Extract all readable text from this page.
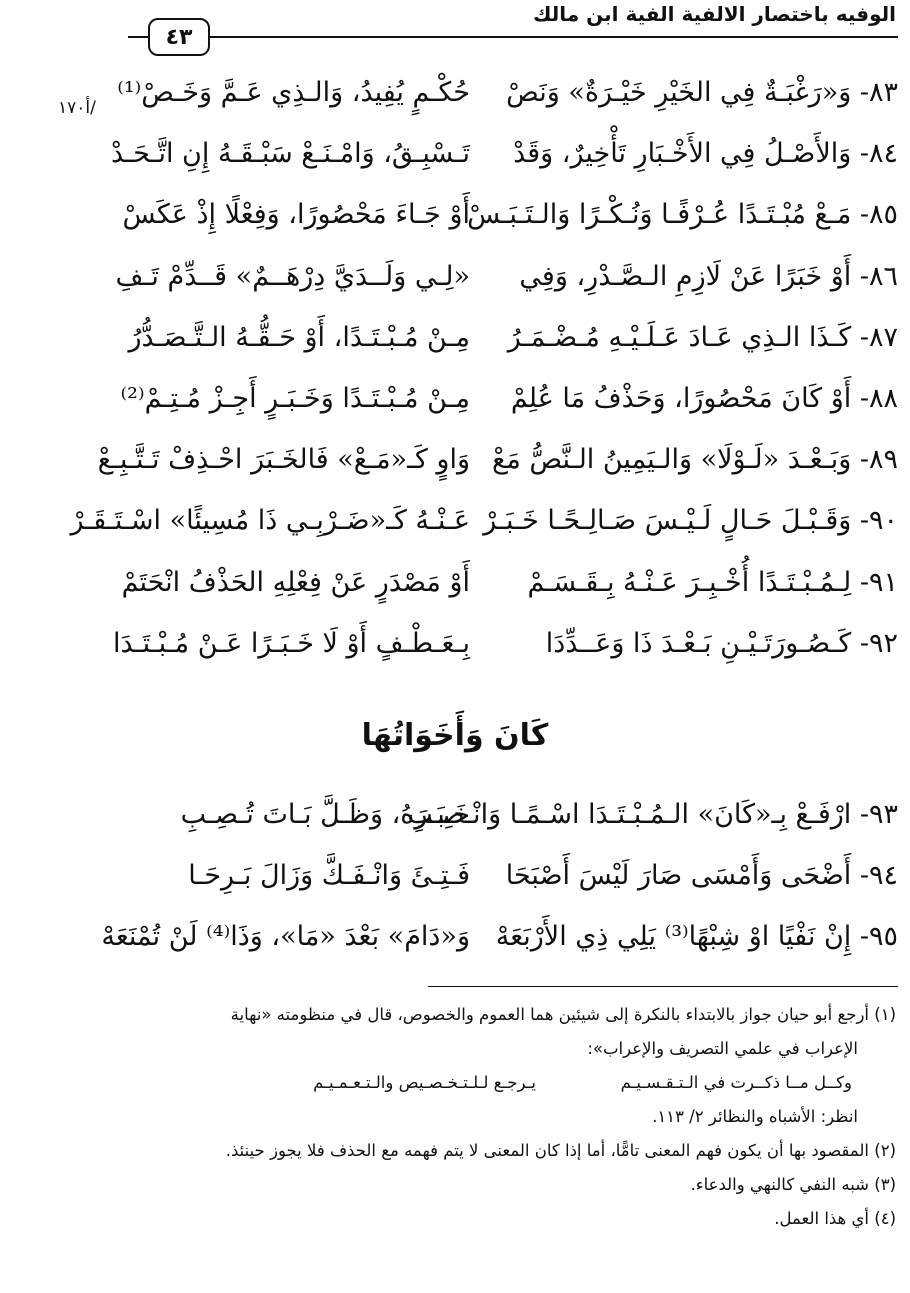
الوفيه باختصار الالفية الفية ابن مالك
٤٣
/أ١٧٠	٨٣- وَ«رَغْبَـةٌ فِي الخَيْرِ خَيْـرَةٌ» وَنَصْ
حُكْـمٍ يُفِيدُ، وَالـذِي عَـمَّ وَخَـصْ⁽¹⁾
٨٤- وَالأَصْـلُ فِي الأَخْـبَارِ تَأْخِيرٌ، وَقَدْ
تَـسْبِـقُ، وَامْـنَـعْ سَبْـقَـهُ إِنِ اتَّـحَـدْ
٨٥- مَـعْ مُبْـتَـدًا عُـرْفًـا وَنُـكْـرًا وَالـتَـبَـسْ
أَوْ جَـاءَ مَحْصُورًا، وَفِعْلًا إِذْ عَكَسْ
٨٦- أَوْ خَبَرًا عَنْ لَازِمِ الـصَّـدْرِ، وَفِي
«لِـي وَلَــدَيَّ دِرْهَــمٌ» قَــدِّمْ تَـفِ
٨٧- كَـذَا الـذِي عَـادَ عَـلَـيْـهِ مُـضْـمَـرُ
مِـنْ مُـبْـتَـدًا، أَوْ حَـقُّـهُ الـتَّـصَـدُّرُ
٨٨- أَوْ كَانَ مَحْصُورًا، وَحَذْفُ مَا عُلِمْ
مِـنْ مُـبْـتَـدًا وَخَـبَـرٍ أَجِـزْ مُـتِـمْ⁽²⁾
٨٩- وَبَـعْـدَ «لَـوْلَا» وَالـيَمِينُ الـنَّصُّ مَعْ
وَاوٍ كَـ«مَـعْ» فَالخَـبَرَ احْـذِفْ تَـتَّـبِـعْ
٩٠- وَقَـبْـلَ حَـالٍ لَـيْـسَ صَـالِـحًـا خَـبَـرْ
عَـنْـهُ كَـ«ضَـرْبِـي ذَا مُسِيئًا» اسْـتَـقَـرْ
٩١- لِـمُـبْـتَـدًا أُخْـبِـرَ عَـنْـهُ بِـقَـسَـمْ
أَوْ مَصْدَرٍ عَنْ فِعْلِهِ الحَذْفُ انْحَتَمْ
٩٢- كَـصُـورَتَـيْـنِ بَـعْـدَ ذَا وَعَــدِّدَا
بِـعَـطْـفٍ أَوْ لَا خَـبَـرًا عَـنْ مُـبْـتَـدَا
كَانَ وَأَخَوَاتُهَا
٩٣- ارْفَـعْ بِـ«كَانَ» الـمُـبْـتَـدَا اسْـمًـا وَانْـصِـبِ
خَـبَـرَهُ، وَظَـلَّ بَـاتَ تُـصِـبِ
٩٤- أَضْحَى وَأَمْسَى صَارَ لَيْسَ أَصْبَحَا
فَـتِـئَ وَانْـفَـكَّ وَزَالَ بَـرِحَـا
٩٥- إِنْ نَفْيًا اوْ شِبْهًا⁽³⁾ يَلِي ذِي الأَرْبَعَهْ
وَ«دَامَ» بَعْدَ «مَا»، وَذَا⁽⁴⁾ لَنْ تُمْنَعَهْ

(١) أرجع أبو حيان جواز بالابتداء بالنكرة إلى شيئين هما العموم والخصوص، قال في منظومته «نهاية

الإعراب في علمي التصريف والإعراب»:

وكــل مــا ذكــرت في الـتـقـسـيـم
يـرجـع لـلـتـخـصـيص والـتـعـمـيـم

انظر: الأشباه والنظائر ٢/ ١١٣.

(٢) المقصود بها أن يكون فهم المعنى تامًّا، أما إذا كان المعنى لا يتم فهمه مع الحذف فلا يجوز حينئذ.

(٣) شبه النفي كالنهي والدعاء.

(٤) أي هذا العمل.
